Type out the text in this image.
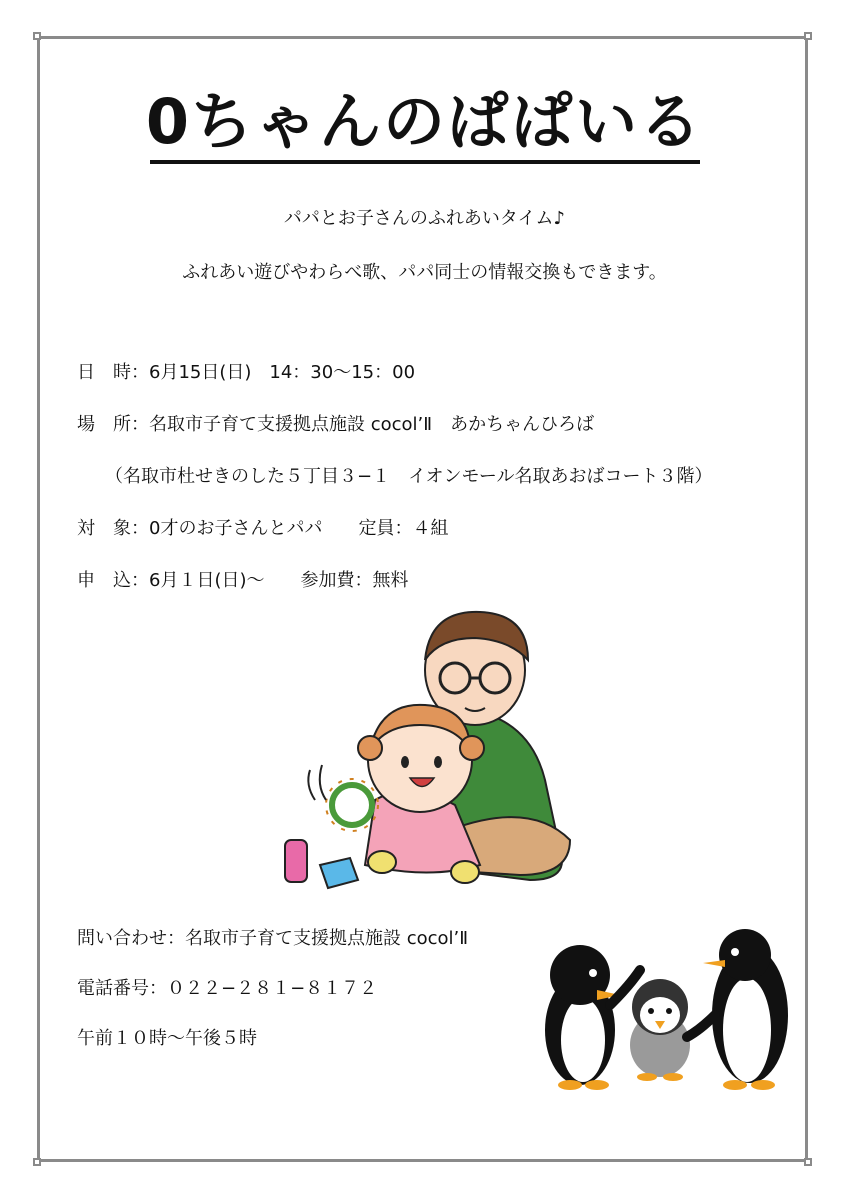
0ちゃんのぱぱいる
パパとお子さんのふれあいタイム♪
ふれあい遊びやわらべ歌、パパ同士の情報交換もできます。
日　時：6月15日(日)　14：30〜15：00
場　所：名取市子育て支援拠点施設 cocol’Ⅱ　あかちゃんひろば
（名取市杜せきのした５丁目３−１　イオンモール名取あおばコート３階）
対　象：0才のお子さんとパパ　　定員：４組
申　込：6月１日(日)〜　　参加費：無料
問い合わせ：名取市子育て支援拠点施設 cocol’Ⅱ
電話番号：０２２−２８１−８１７２
午前１０時〜午後５時
